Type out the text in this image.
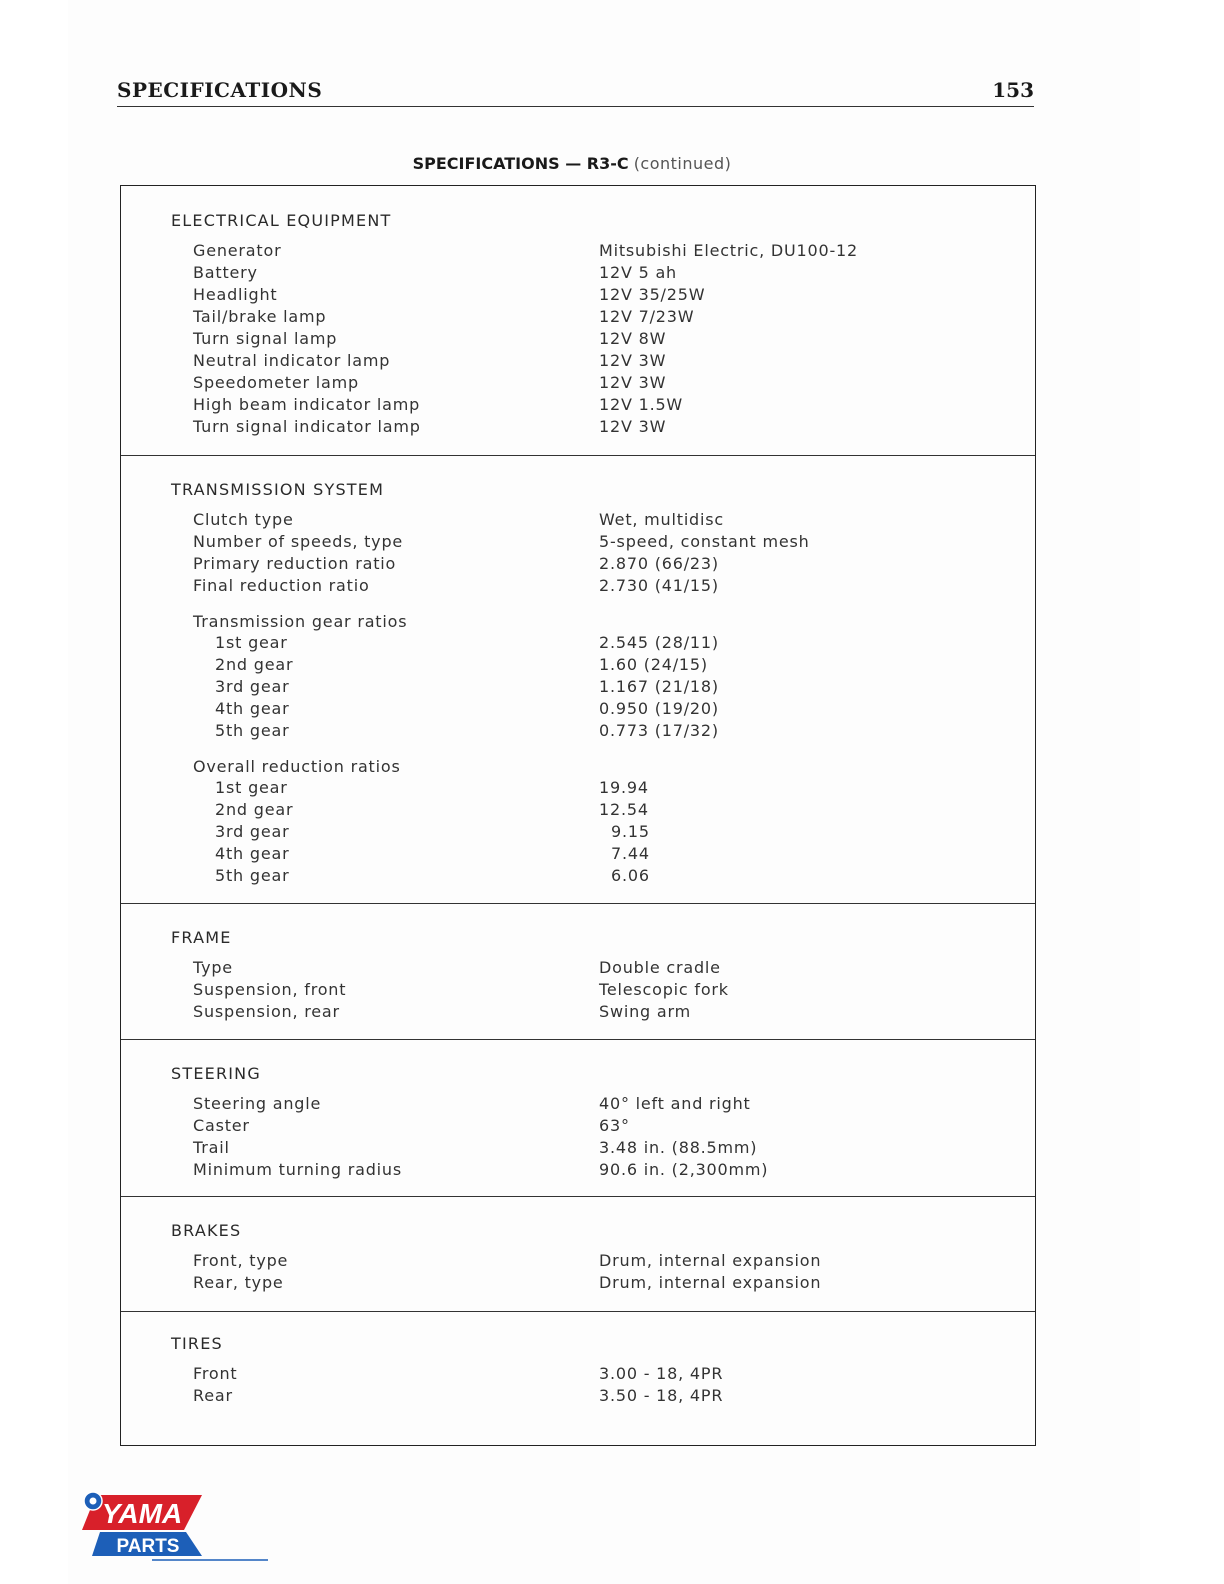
SPECIFICATIONS	153
SPECIFICATIONS — R3-C (continued)
ELECTRICAL EQUIPMENT
Generator	Mitsubishi Electric, DU100-12
Battery	12V 5 ah
Headlight	12V 35/25W
Tail/brake lamp	12V 7/23W
Turn signal lamp	12V 8W
Neutral indicator lamp	12V 3W
Speedometer lamp	12V 3W
High beam indicator lamp	12V 1.5W
Turn signal indicator lamp	12V 3W
TRANSMISSION SYSTEM
Clutch type	Wet, multidisc
Number of speeds, type	5-speed, constant mesh
Primary reduction ratio	2.870 (66/23)
Final reduction ratio	2.730 (41/15)
Transmission gear ratios
1st gear	2.545 (28/11)
2nd gear	1.60 (24/15)
3rd gear	1.167 (21/18)
4th gear	0.950 (19/20)
5th gear	0.773 (17/32)
Overall reduction ratios
1st gear	19.94
2nd gear	12.54
3rd gear	9.15
4th gear	7.44
5th gear	6.06
FRAME
Type	Double cradle
Suspension, front	Telescopic fork
Suspension, rear	Swing arm
STEERING
Steering angle	40° left and right
Caster	63°
Trail	3.48 in. (88.5mm)
Minimum turning radius	90.6 in. (2,300mm)
BRAKES
Front, type	Drum, internal expansion
Rear, type	Drum, internal expansion
TIRES
Front	3.00 - 18, 4PR
Rear	3.50 - 18, 4PR
YAMA
PARTS
